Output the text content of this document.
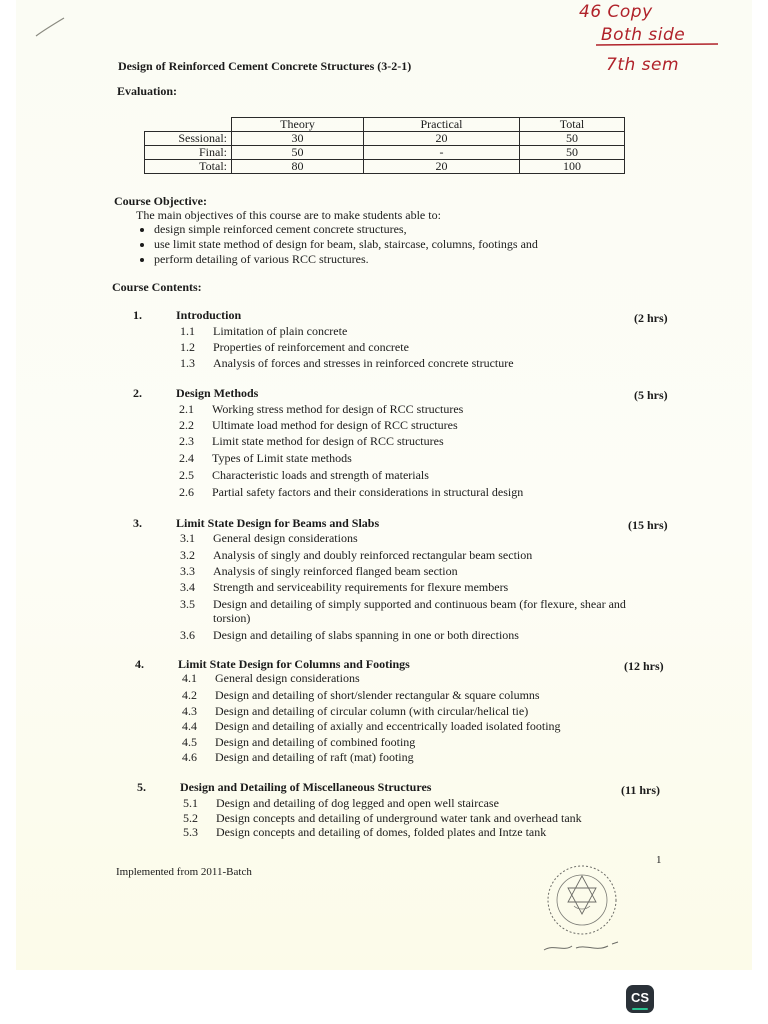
46 Copy
Both side
7th sem
Design of Reinforced Cement Concrete Structures (3-2-1)
Evaluation:
	Theory	Practical	Total
Sessional:	30	20	50
Final:	50	-	50
Total:	80	20	100
Course Objective:
The main objectives of this course are to make students able to:
• design simple reinforced cement concrete structures,
• use limit state method of design for beam, slab, staircase, columns, footings and
• perform detailing of various RCC structures.
Course Contents:
1.	Introduction	(2 hrs)
1.1 Limitation of plain concrete
1.2 Properties of reinforcement and concrete
1.3 Analysis of forces and stresses in reinforced concrete structure
2.	Design Methods	(5 hrs)
2.1 Working stress method for design of RCC structures
2.2 Ultimate load method for design of RCC structures
2.3 Limit state method for design of RCC structures
2.4 Types of Limit state methods
2.5 Characteristic loads and strength of materials
2.6 Partial safety factors and their considerations in structural design
3.	Limit State Design for Beams and Slabs	(15 hrs)
3.1 General design considerations
3.2 Analysis of singly and doubly reinforced rectangular beam section
3.3 Analysis of singly reinforced flanged beam section
3.4 Strength and serviceability requirements for flexure members
3.5 Design and detailing of simply supported and continuous beam (for flexure, shear and
torsion)
3.6 Design and detailing of slabs spanning in one or both directions
4.	Limit State Design for Columns and Footings	(12 hrs)
4.1 General design considerations
4.2 Design and detailing of short/slender rectangular & square columns
4.3 Design and detailing of circular column (with circular/helical tie)
4.4 Design and detailing of axially and eccentrically loaded isolated footing
4.5 Design and detailing of combined footing
4.6 Design and detailing of raft (mat) footing
5.	Design and Detailing of Miscellaneous Structures	(11 hrs)
5.1 Design and detailing of dog legged and open well staircase
5.2 Design concepts and detailing of underground water tank and overhead tank
5.3 Design concepts and detailing of domes, folded plates and Intze tank
Implemented from 2011-Batch
1
CS
